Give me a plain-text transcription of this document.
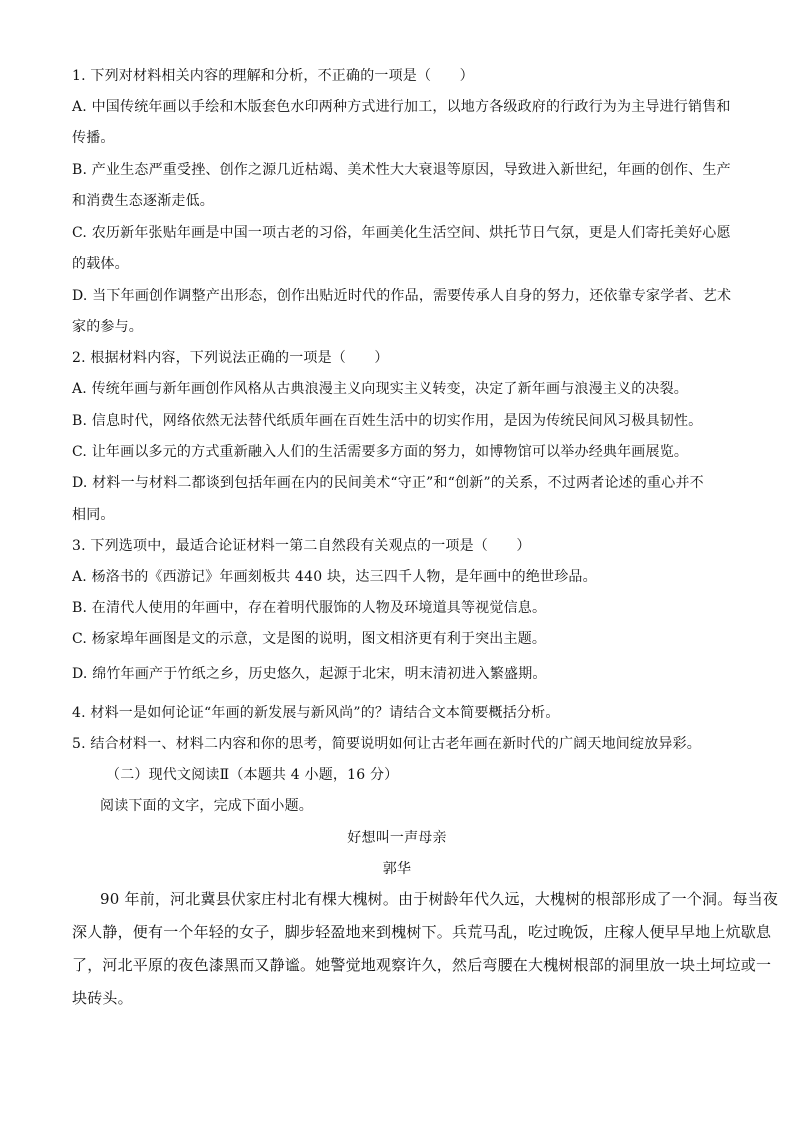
1. 下列对材料相关内容的理解和分析，不正确的一项是（　　）
A. 中国传统年画以手绘和木版套色水印两种方式进行加工，以地方各级政府的行政行为为主导进行销售和
传播。
B. 产业生态严重受挫、创作之源几近枯竭、美术性大大衰退等原因，导致进入新世纪，年画的创作、生产
和消费生态逐渐走低。
C. 农历新年张贴年画是中国一项古老的习俗，年画美化生活空间、烘托节日气氛，更是人们寄托美好心愿
的载体。
D. 当下年画创作调整产出形态，创作出贴近时代的作品，需要传承人自身的努力，还依靠专家学者、艺术
家的参与。
2. 根据材料内容，下列说法正确的一项是（　　）
A. 传统年画与新年画创作风格从古典浪漫主义向现实主义转变，决定了新年画与浪漫主义的决裂。
B. 信息时代，网络依然无法替代纸质年画在百姓生活中的切实作用，是因为传统民间风习极具韧性。
C. 让年画以多元的方式重新融入人们的生活需要多方面的努力，如博物馆可以举办经典年画展览。
D. 材料一与材料二都谈到包括年画在内的民间美术“守正”和“创新”的关系，不过两者论述的重心并不
相同。
3. 下列选项中，最适合论证材料一第二自然段有关观点的一项是（　　）
A. 杨洛书的《西游记》年画刻板共 440 块，达三四千人物，是年画中的绝世珍品。
B. 在清代人使用的年画中，存在着明代服饰的人物及环境道具等视觉信息。
C. 杨家埠年画图是文的示意，文是图的说明，图文相济更有利于突出主题。
D. 绵竹年画产于竹纸之乡，历史悠久，起源于北宋，明末清初进入繁盛期。
4. 材料一是如何论证“年画的新发展与新风尚”的？请结合文本简要概括分析。
5. 结合材料一、材料二内容和你的思考，简要说明如何让古老年画在新时代的广阔天地间绽放异彩。
（二）现代文阅读Ⅱ（本题共 4 小题，16 分）
阅读下面的文字，完成下面小题。
好想叫一声母亲
郭华
90 年前，河北冀县伏家庄村北有棵大槐树。由于树龄年代久远，大槐树的根部形成了一个洞。每当夜
深人静，便有一个年轻的女子，脚步轻盈地来到槐树下。兵荒马乱，吃过晚饭，庄稼人便早早地上炕歇息
了，河北平原的夜色漆黑而又静谧。她警觉地观察许久，然后弯腰在大槐树根部的洞里放一块土坷垃或一
块砖头。
